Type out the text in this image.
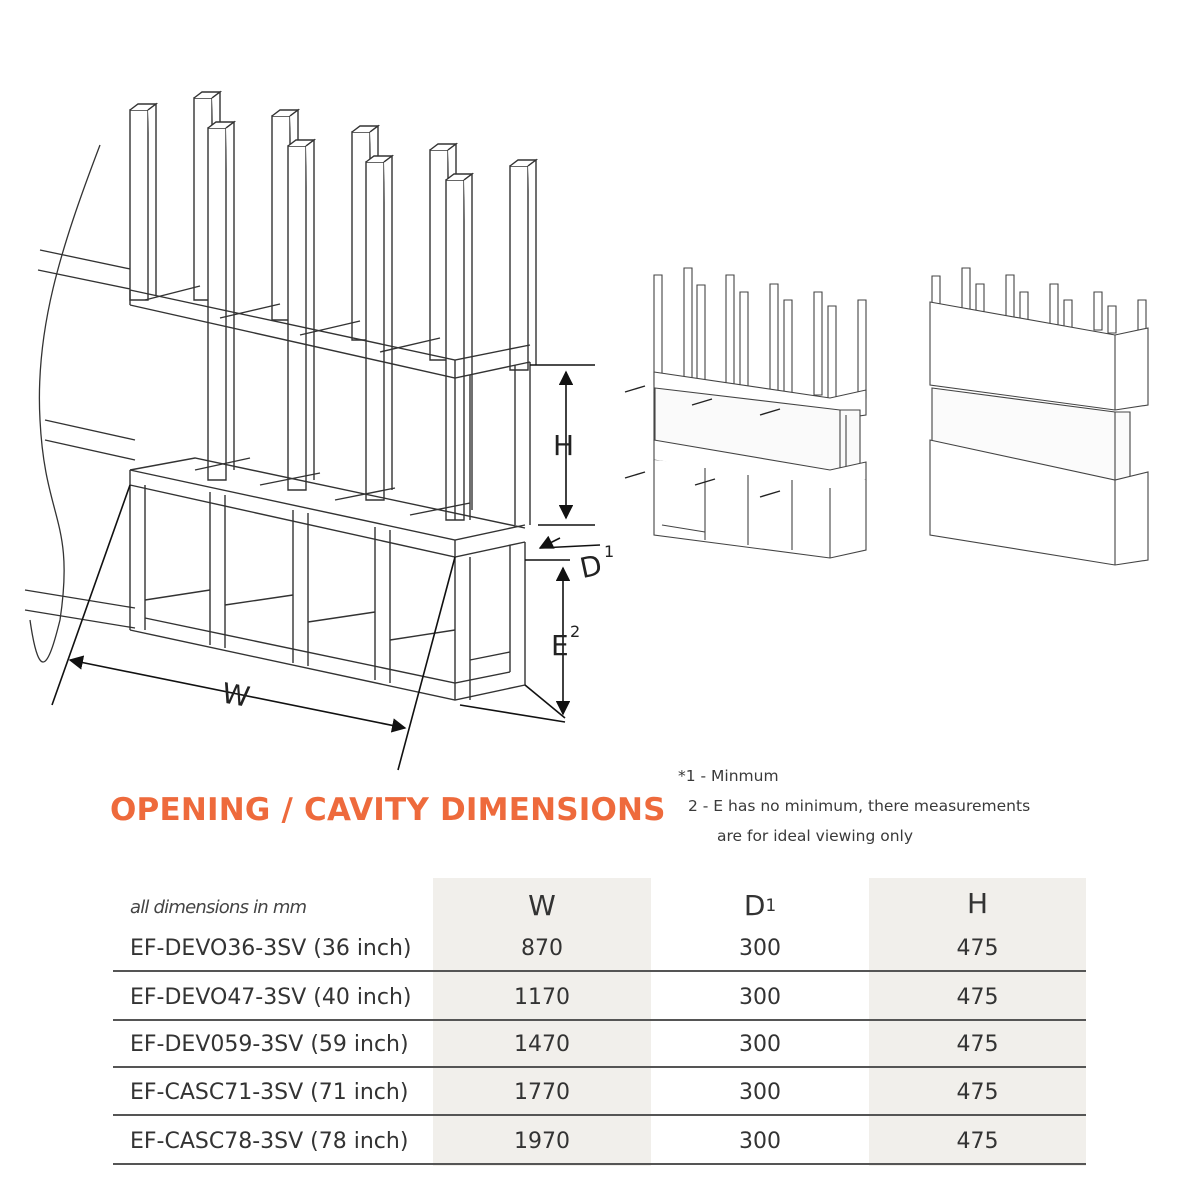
H
D 1
E 2
W
OPENING / CAVITY DIMENSIONS
*1 - Minmum
2 - E has no minimum, there measurements
are for ideal viewing only
all dimensions in mm	W	D 1	H
EF-DEVO36-3SV (36 inch)	870	300	475
EF-DEVO47-3SV (40 inch)	1170	300	475
EF-DEV059-3SV (59 inch)	1470	300	475
EF-CASC71-3SV (71 inch)	1770	300	475
EF-CASC78-3SV (78 inch)	1970	300	475
